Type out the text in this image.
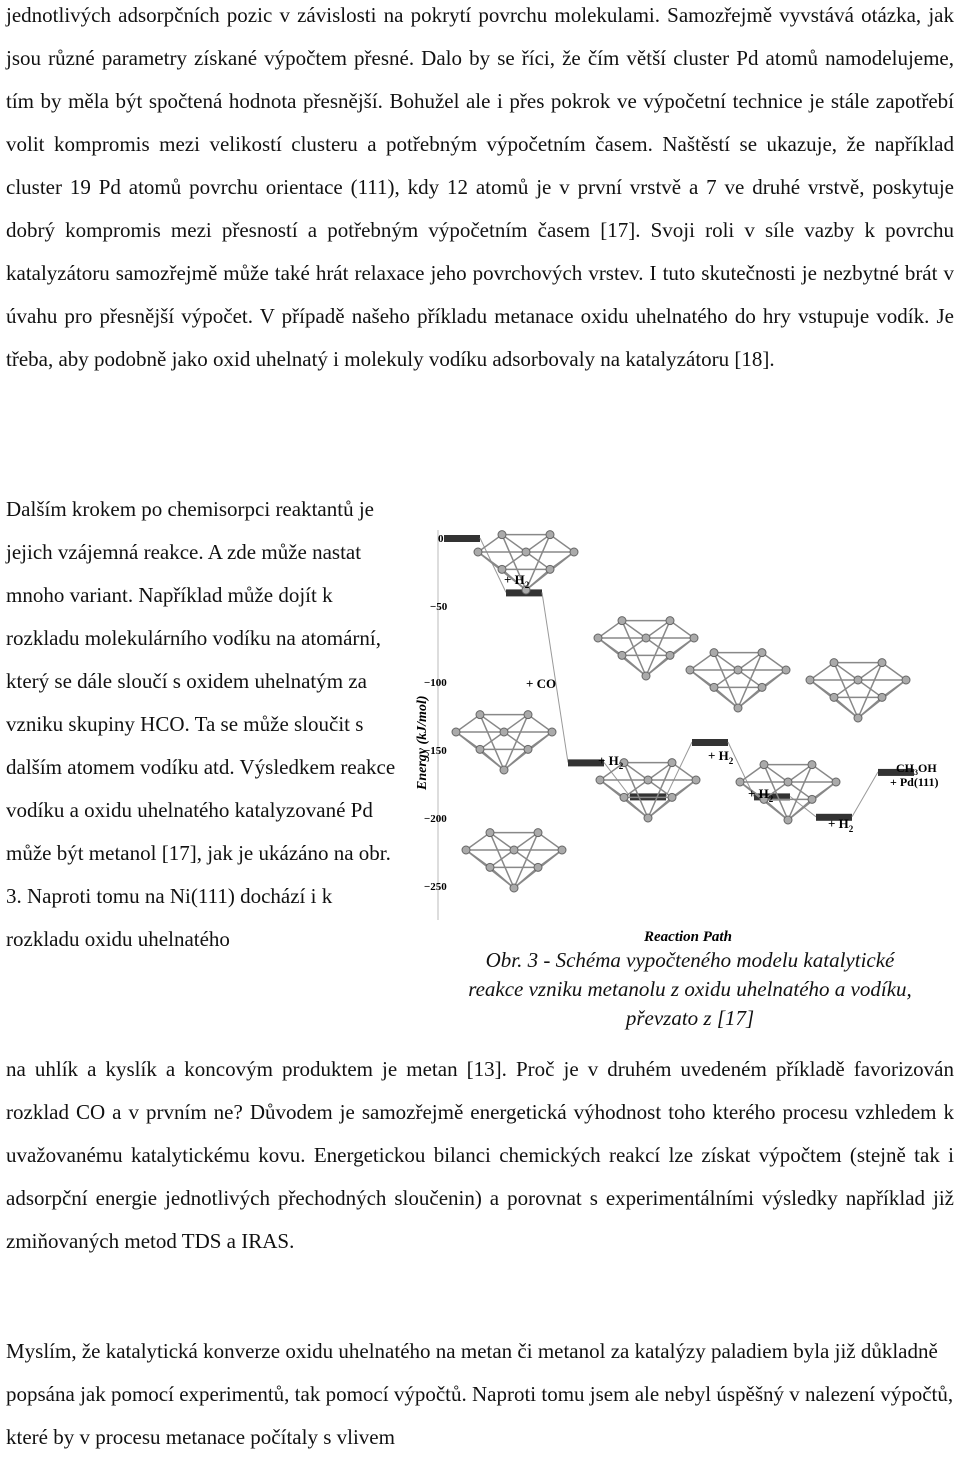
jednotlivých adsorpčních pozic v závislosti na pokrytí povrchu molekulami. Samozřejmě vyvstává otázka, jak jsou různé parametry získané výpočtem přesné. Dalo by se říci, že čím větší cluster Pd atomů namodelujeme, tím by měla být spočtená hodnota přesnější. Bohužel ale i přes pokrok ve výpočetní technice je stále zapotřebí volit kompromis mezi velikostí clusteru a potřebným výpočetním časem. Naštěstí se ukazuje, že například cluster 19 Pd atomů povrchu orientace (111), kdy 12 atomů je v první vrstvě a 7 ve druhé vrstvě, poskytuje dobrý kompromis mezi přesností a potřebným výpočetním časem [17]. Svoji roli v síle vazby k povrchu katalyzátoru samozřejmě může také hrát relaxace jeho povrchových vrstev. I tuto skutečnosti je nezbytné brát v úvahu pro přesnější výpočet. V případě našeho příkladu metanace oxidu uhelnatého do hry vstupuje vodík. Je třeba, aby podobně jako oxid uhelnatý i molekuly vodíku adsorbovaly na katalyzátoru [18].

Dalším krokem po chemisorpci reaktantů je jejich vzájemná reakce. A zde může nastat mnoho variant. Například může dojít k rozkladu molekulárního vodíku na atomární, který se dále sloučí s oxidem uhelnatým za vzniku skupiny HCO. Ta se může sloučit s dalším atomem vodíku atd. Výsledkem reakce vodíku a oxidu uhelnatého katalyzované Pd může být metanol [17], jak je ukázáno na obr. 3. Naproti tomu na Ni(111) dochází i k rozkladu oxidu uhelnatého

0
−50
−100
−150
−200
−250
Energy (kJ/mol)
Reaction Path
+ $H_2$
+ CO
+ $H_2$
+ $H_2$
+ $H_2$
+ $H_2$
$CH_3OH$
+ Pd(111)
Obr. 3 - Schéma vypočteného modelu katalytické
reakce vzniku metanolu z oxidu uhelnatého a vodíku,
převzato z [17]

na uhlík a kyslík a koncovým produktem je metan [13]. Proč je v druhém uvedeném příkladě favorizován rozklad CO a v prvním ne? Důvodem je samozřejmě energetická výhodnost toho kterého procesu vzhledem k uvažovanému katalytickému kovu. Energetickou bilanci chemických reakcí lze získat výpočtem (stejně tak i adsorpční energie jednotlivých přechodných sloučenin) a porovnat s experimentálními výsledky například již zmiňovaných metod TDS a IRAS.

Myslím, že katalytická konverze oxidu uhelnatého na metan či metanol za katalýzy paladiem byla již důkladně popsána jak pomocí experimentů, tak pomocí výpočtů. Naproti tomu jsem ale nebyl úspěšný v nalezení výpočtů, které by v procesu metanace počítaly s vlivem
